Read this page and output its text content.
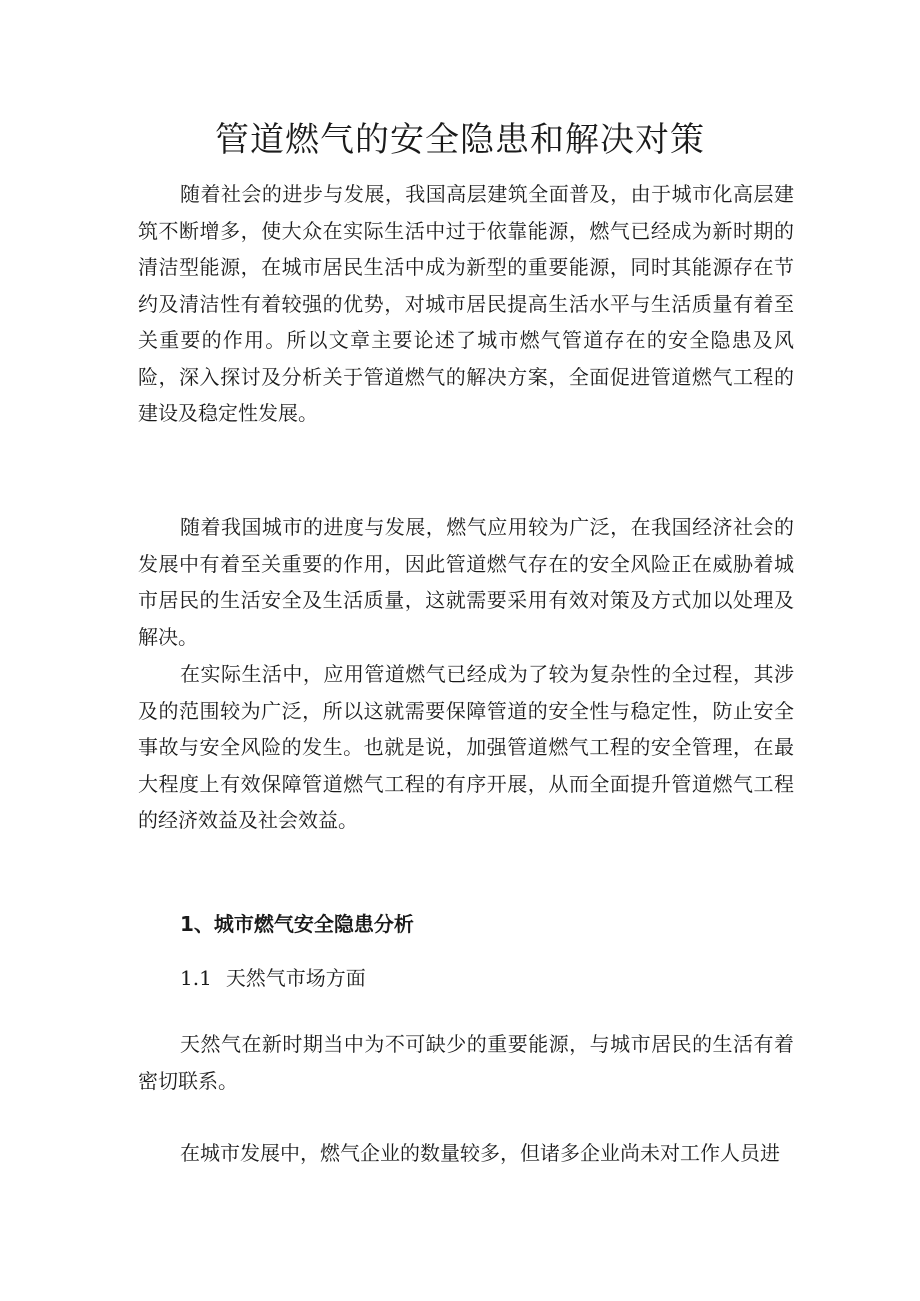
管道燃气的安全隐患和解决对策

随着社会的进步与发展，我国高层建筑全面普及，由于城市化高层建筑不断增多，使大众在实际生活中过于依靠能源，燃气已经成为新时期的清洁型能源，在城市居民生活中成为新型的重要能源，同时其能源存在节约及清洁性有着较强的优势，对城市居民提高生活水平与生活质量有着至关重要的作用。所以文章主要论述了城市燃气管道存在的安全隐患及风险，深入探讨及分析关于管道燃气的解决方案，全面促进管道燃气工程的建设及稳定性发展。

随着我国城市的进度与发展，燃气应用较为广泛，在我国经济社会的发展中有着至关重要的作用，因此管道燃气存在的安全风险正在威胁着城市居民的生活安全及生活质量，这就需要采用有效对策及方式加以处理及解决。

在实际生活中，应用管道燃气已经成为了较为复杂性的全过程，其涉及的范围较为广泛，所以这就需要保障管道的安全性与稳定性，防止安全事故与安全风险的发生。也就是说，加强管道燃气工程的安全管理，在最大程度上有效保障管道燃气工程的有序开展，从而全面提升管道燃气工程的经济效益及社会效益。

1、城市燃气安全隐患分析
1.1 天然气市场方面

天然气在新时期当中为不可缺少的重要能源，与城市居民的生活有着密切联系。

在城市发展中，燃气企业的数量较多，但诸多企业尚未对工作人员进
